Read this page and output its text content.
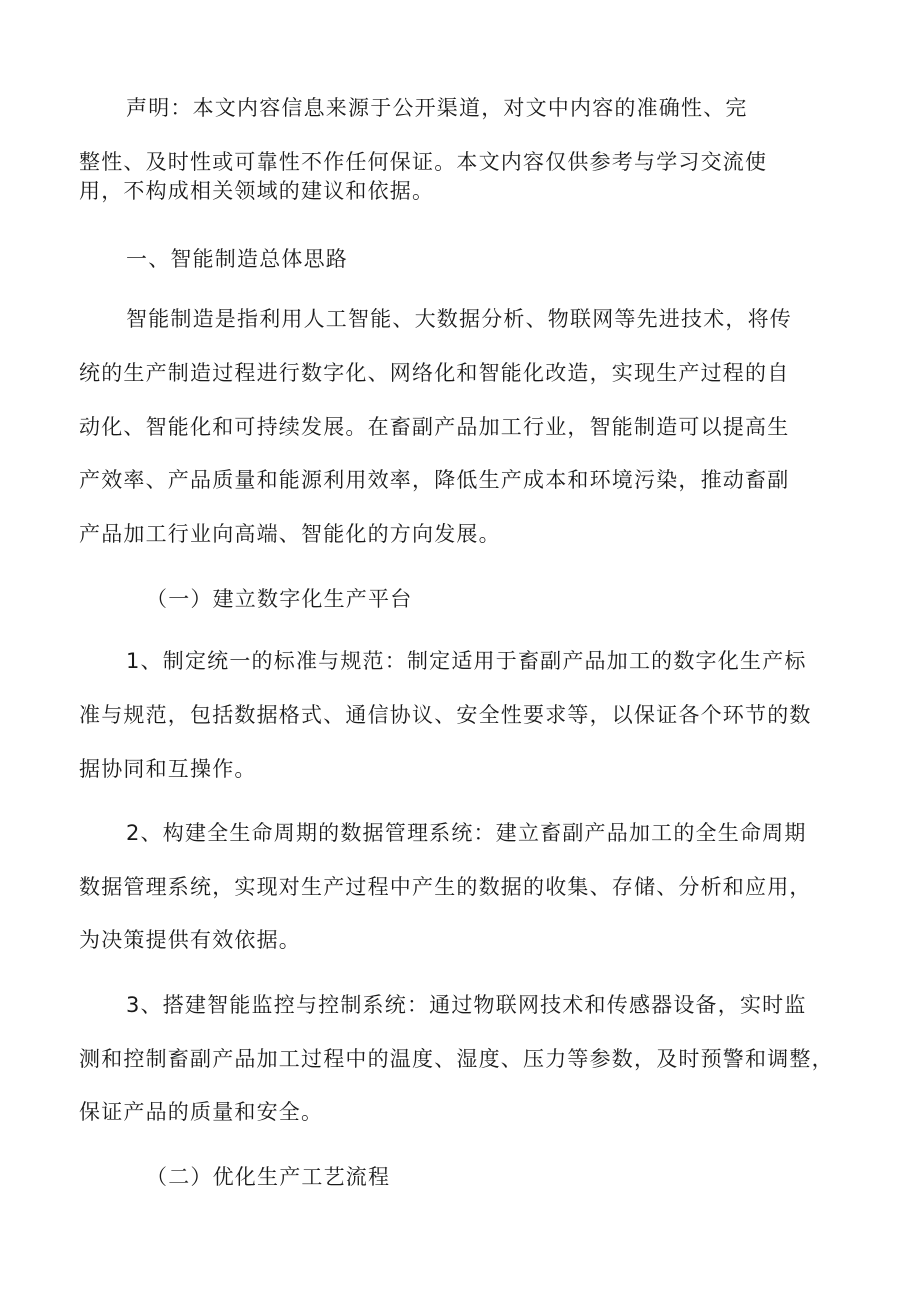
声明：本文内容信息来源于公开渠道，对文中内容的准确性、完
整性、及时性或可靠性不作任何保证。本文内容仅供参考与学习交流使
用，不构成相关领域的建议和依据。
一、智能制造总体思路
智能制造是指利用人工智能、大数据分析、物联网等先进技术，将传
统的生产制造过程进行数字化、网络化和智能化改造，实现生产过程的自
动化、智能化和可持续发展。在畜副产品加工行业，智能制造可以提高生
产效率、产品质量和能源利用效率，降低生产成本和环境污染，推动畜副
产品加工行业向高端、智能化的方向发展。
（一）建立数字化生产平台
1、制定统一的标准与规范：制定适用于畜副产品加工的数字化生产标
准与规范，包括数据格式、通信协议、安全性要求等，以保证各个环节的数
据协同和互操作。
2、构建全生命周期的数据管理系统：建立畜副产品加工的全生命周期
数据管理系统，实现对生产过程中产生的数据的收集、存储、分析和应用，
为决策提供有效依据。
3、搭建智能监控与控制系统：通过物联网技术和传感器设备，实时监
测和控制畜副产品加工过程中的温度、湿度、压力等参数，及时预警和调整，
保证产品的质量和安全。
（二）优化生产工艺流程
